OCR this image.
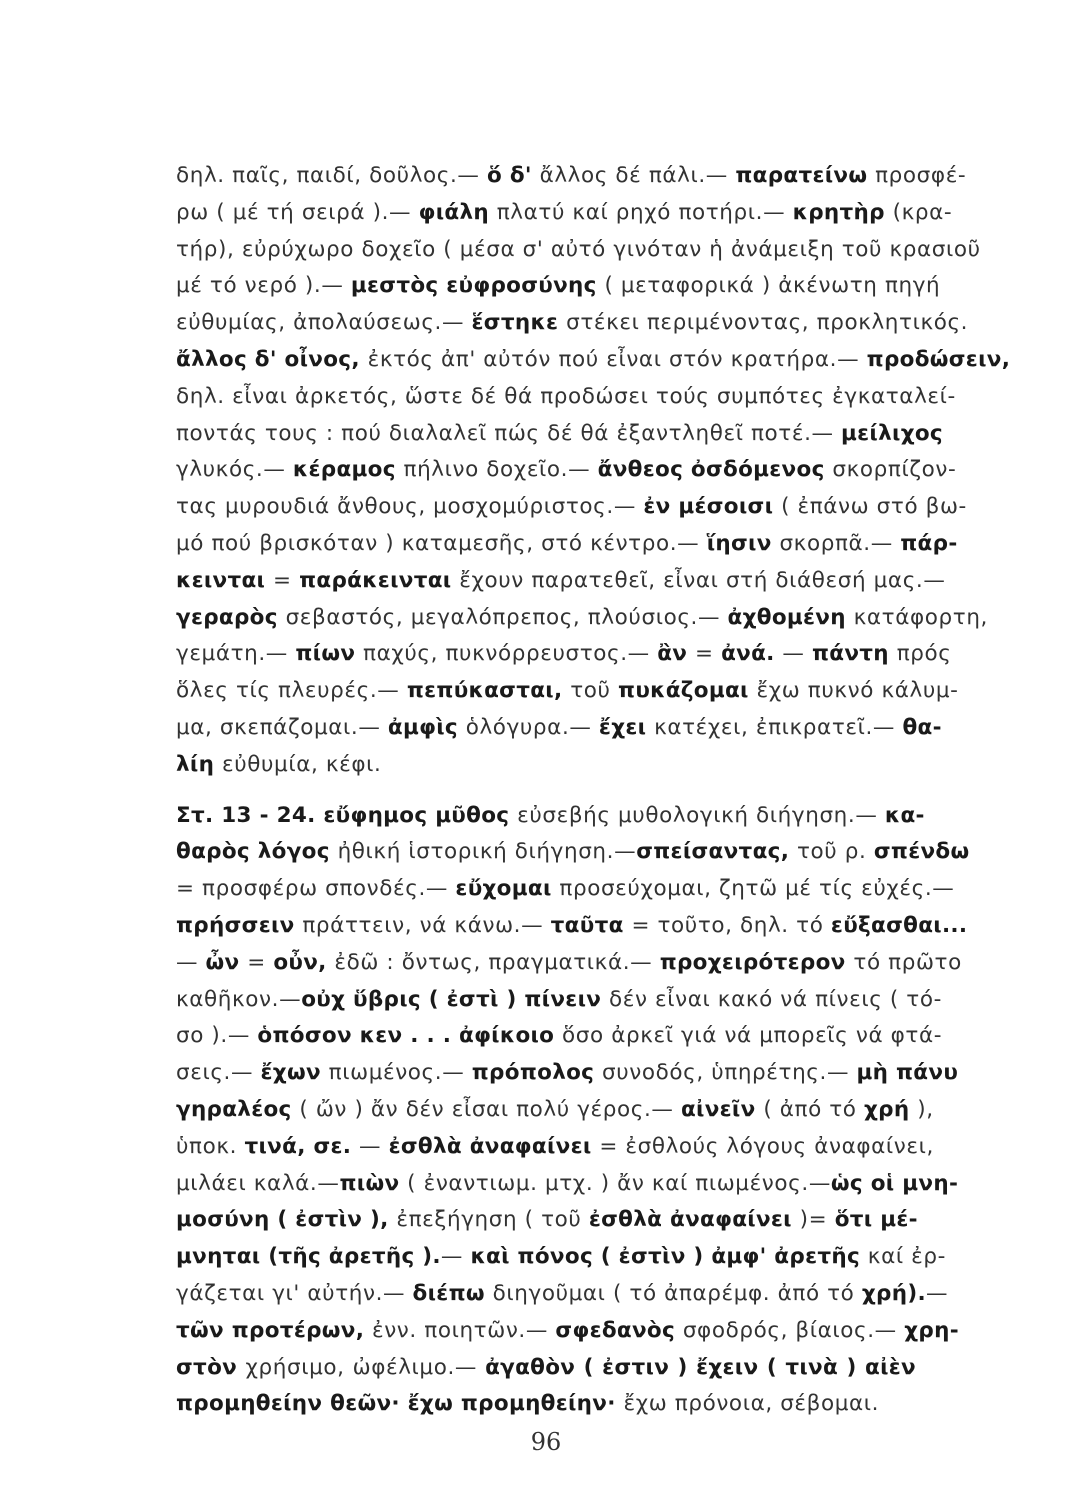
δηλ. παῖς, παιδί, δοῦλος.— ὅ δ' ἄλλος δέ πάλι.— παρατείνω προσφέ-
ρω ( μέ τή σειρά ).— φιάλη πλατύ καί ρηχό ποτήρι.— κρητὴρ (κρα-
τήρ), εὐρύχωρο δοχεῖο ( μέσα σ' αὐτό γινόταν ἡ ἀνάμειξη τοῦ κρασιοῦ
μέ τό νερό ).— μεστὸς εὐφροσύνης ( μεταφορικά ) ἀκένωτη πηγή
εὐθυμίας, ἀπολαύσεως.— ἕστηκε στέκει περιμένοντας, προκλητικός.
ἄλλος δ' οἶνος, ἐκτός ἀπ' αὐτόν πού εἶναι στόν κρατήρα.— προδώσειν,
δηλ. εἶναι ἀρκετός, ὥστε δέ θά προδώσει τούς συμπότες ἐγκαταλεί-
ποντάς τους : πού διαλαλεῖ πώς δέ θά ἐξαντληθεῖ ποτέ.— μείλιχος
γλυκός.— κέραμος πήλινο δοχεῖο.— ἄνθεος ὀσδόμενος σκορπίζον-
τας μυρουδιά ἄνθους, μοσχομύριστος.— ἐν μέσοισι ( ἐπάνω στό βω-
μό πού βρισκόταν ) καταμεσῆς, στό κέντρο.— ἵησιν σκορπᾶ.— πάρ-
κεινται = παράκεινται ἔχουν παρατεθεῖ, εἶναι στή διάθεσή μας.—
γεραρὸς σεβαστός, μεγαλόπρεπος, πλούσιος.— ἀχθομένη κατάφορτη,
γεμάτη.— πίων παχύς, πυκνόρρευστος.— ἂν = ἀνά. — πάντη πρός
ὅλες τίς πλευρές.— πεπύκασται, τοῦ πυκάζομαι ἔχω πυκνό κάλυμ-
μα, σκεπάζομαι.— ἀμφὶς ὁλόγυρα.— ἔχει κατέχει, ἐπικρατεῖ.— θα-
λίη εὐθυμία, κέφι.
Στ. 13 - 24. εὔφημος μῦθος εὐσεβής μυθολογική διήγηση.— κα-
θαρὸς λόγος ἠθική ἱστορική διήγηση.—σπείσαντας, τοῦ ρ. σπένδω
= προσφέρω σπονδές.— εὔχομαι προσεύχομαι, ζητῶ μέ τίς εὐχές.—
πρήσσειν πράττειν, νά κάνω.— ταῦτα = τοῦτο, δηλ. τό εὔξασθαι...
— ὦν = οὖν, ἐδῶ : ὄντως, πραγματικά.— προχειρότερον τό πρῶτο
καθῆκον.—οὐχ ὕβρις ( ἐστὶ ) πίνειν δέν εἶναι κακό νά πίνεις ( τό-
σο ).— ὁπόσον κεν . . . ἀφίκοιο ὅσο ἀρκεῖ γιά νά μπορεῖς νά φτά-
σεις.— ἔχων πιωμένος.— πρόπολος συνοδός, ὑπηρέτης.— μὴ πάνυ
γηραλέος ( ὤν ) ἄν δέν εἶσαι πολύ γέρος.— αἰνεῖν ( ἀπό τό χρή ),
ὑποκ. τινά, σε. — ἐσθλὰ ἀναφαίνει = ἐσθλούς λόγους ἀναφαίνει,
μιλάει καλά.—πιὼν ( ἐναντιωμ. μτχ. ) ἄν καί πιωμένος.—ὡς οἱ μνη-
μοσύνη ( ἐστὶν ), ἐπεξήγηση ( τοῦ ἐσθλὰ ἀναφαίνει )= ὅτι μέ-
μνηται (τῆς ἀρετῆς ).— καὶ πόνος ( ἐστὶν ) ἀμφ' ἀρετῆς καί ἐρ-
γάζεται γι' αὐτήν.— διέπω διηγοῦμαι ( τό ἀπαρέμφ. ἀπό τό χρή).—
τῶν προτέρων, ἐνν. ποιητῶν.— σφεδανὸς σφοδρός, βίαιος.— χρη-
στὸν χρήσιμο, ὠφέλιμο.— ἀγαθὸν ( ἐστιν ) ἔχειν ( τινὰ ) αἰὲν
προμηθείην θεῶν· ἔχω προμηθείην· ἔχω πρόνοια, σέβομαι.
96
